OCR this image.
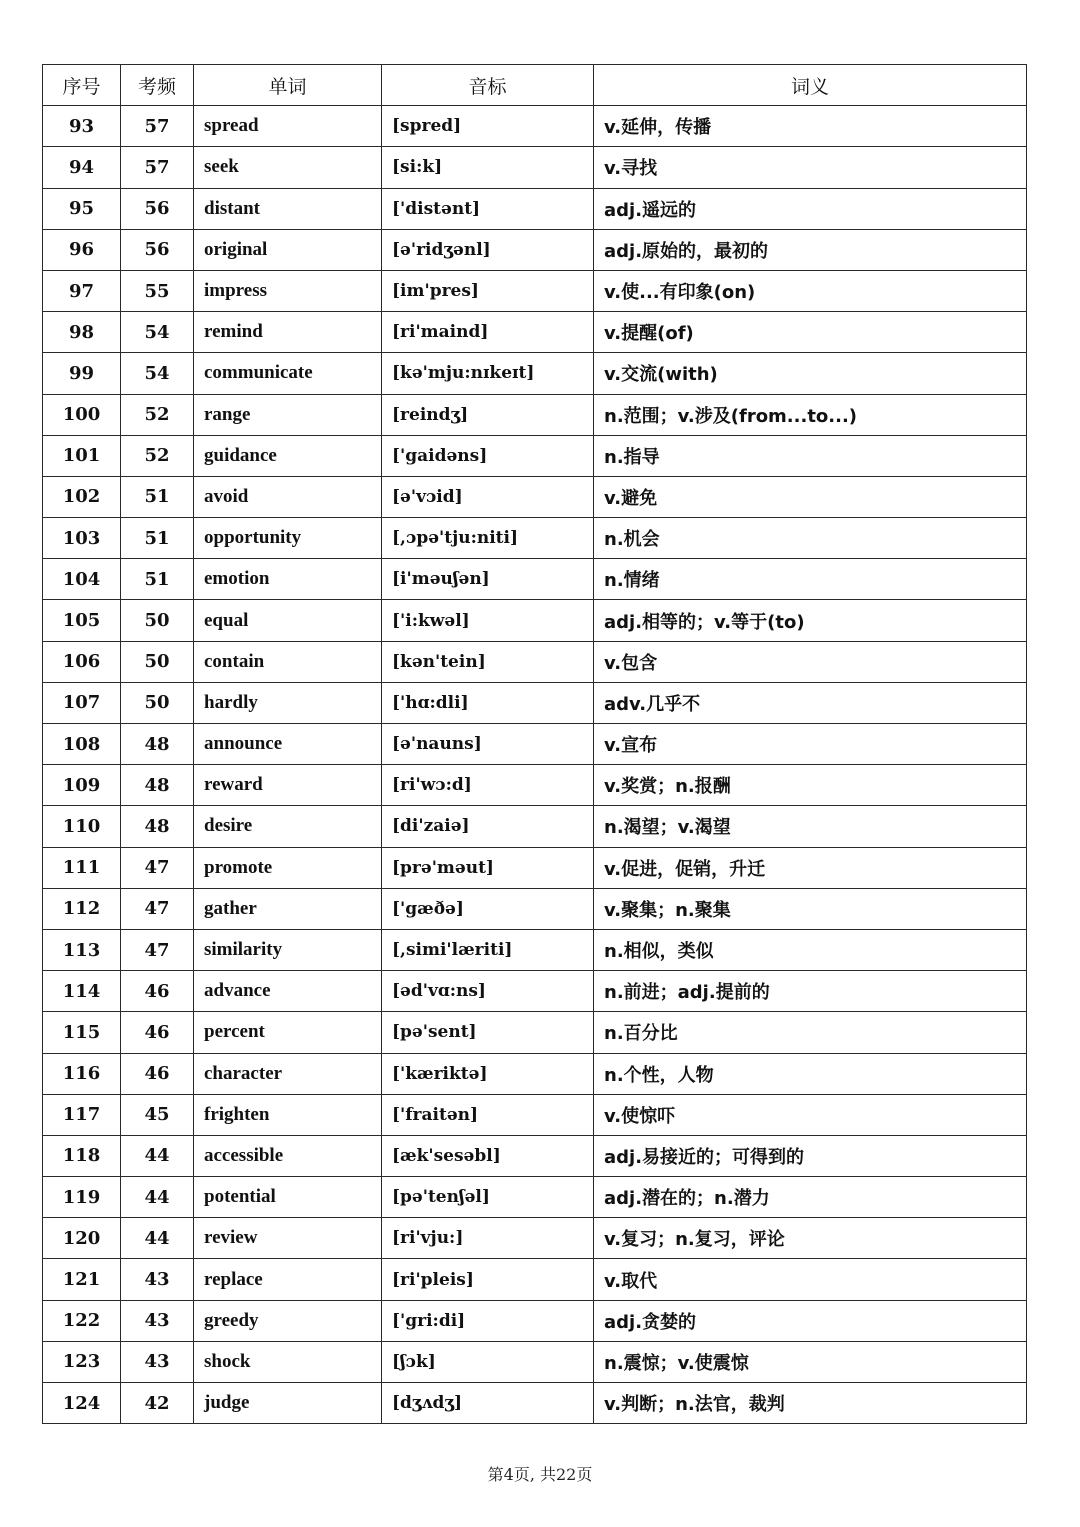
序号	考频	单词	音标	词义
93	57	spread	[spred]	v.延伸，传播
94	57	seek	[si:k]	v.寻找
95	56	distant	['distənt]	adj.遥远的
96	56	original	[ə'ridʒənl]	adj.原始的，最初的
97	55	impress	[im'pres]	v.使...有印象(on)
98	54	remind	[ri'maind]	v.提醒(of)
99	54	communicate	[kə'mju:nɪkeɪt]	v.交流(with)
100	52	range	[reindʒ]	n.范围；v.涉及(from...to...)
101	52	guidance	['gaidəns]	n.指导
102	51	avoid	[ə'vɔid]	v.避免
103	51	opportunity	[,ɔpə'tju:niti]	n.机会
104	51	emotion	[i'məuʃən]	n.情绪
105	50	equal	['i:kwəl]	adj.相等的；v.等于(to)
106	50	contain	[kən'tein]	v.包含
107	50	hardly	['hɑ:dli]	adv.几乎不
108	48	announce	[ə'nauns]	v.宣布
109	48	reward	[ri'wɔ:d]	v.奖赏；n.报酬
110	48	desire	[di'zaiə]	n.渴望；v.渴望
111	47	promote	[prə'məut]	v.促进，促销，升迁
112	47	gather	['gæðə]	v.聚集；n.聚集
113	47	similarity	[,simi'læriti]	n.相似，类似
114	46	advance	[əd'vɑ:ns]	n.前进；adj.提前的
115	46	percent	[pə'sent]	n.百分比
116	46	character	['kæriktə]	n.个性，人物
117	45	frighten	['fraitən]	v.使惊吓
118	44	accessible	[æk'sesəbl]	adj.易接近的；可得到的
119	44	potential	[pə'tenʃəl]	adj.潜在的；n.潜力
120	44	review	[ri'vju:]	v.复习；n.复习，评论
121	43	replace	[ri'pleis]	v.取代
122	43	greedy	['gri:di]	adj.贪婪的
123	43	shock	[ʃɔk]	n.震惊；v.使震惊
124	42	judge	[dʒʌdʒ]	v.判断；n.法官，裁判
第4页, 共22页
